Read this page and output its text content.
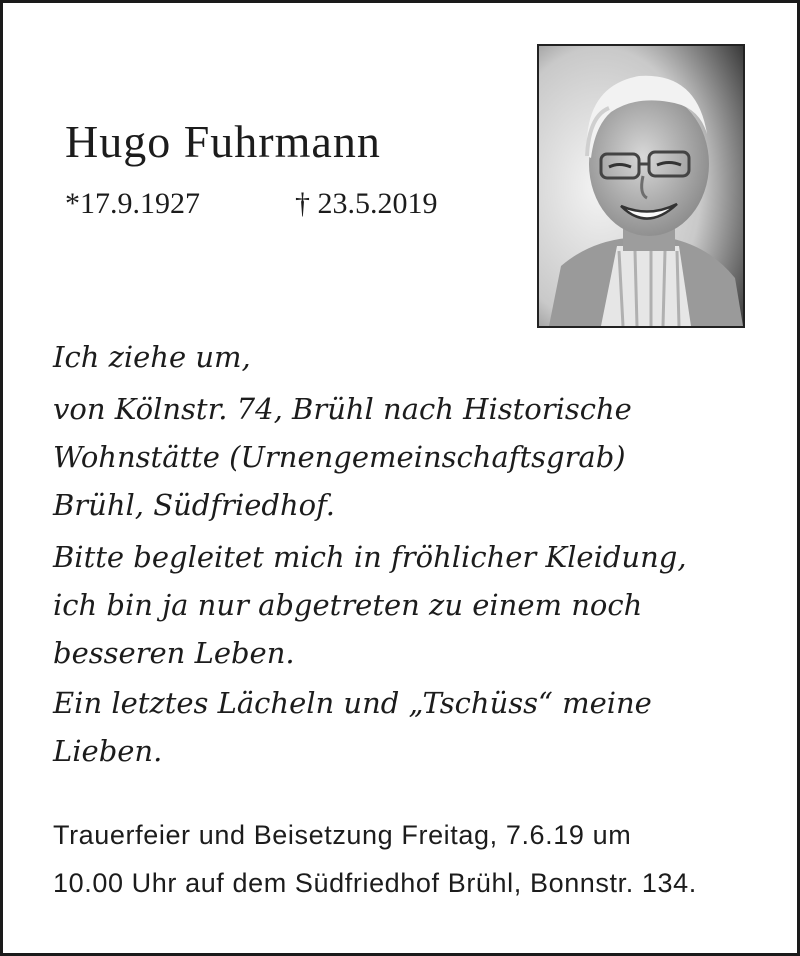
Hugo Fuhrmann
*17.9.1927	† 23.5.2019
Ich ziehe um,
von Kölnstr. 74, Brühl nach Historische
Wohnstätte (Urnengemeinschaftsgrab)
Brühl, Südfriedhof.
Bitte begleitet mich in fröhlicher Kleidung,
ich bin ja nur abgetreten zu einem noch
besseren Leben.
Ein letztes Lächeln und „Tschüss“ meine
Lieben.
Trauerfeier und Beisetzung Freitag, 7.6.19 um
10.00 Uhr auf dem Südfriedhof Brühl, Bonnstr. 134.
